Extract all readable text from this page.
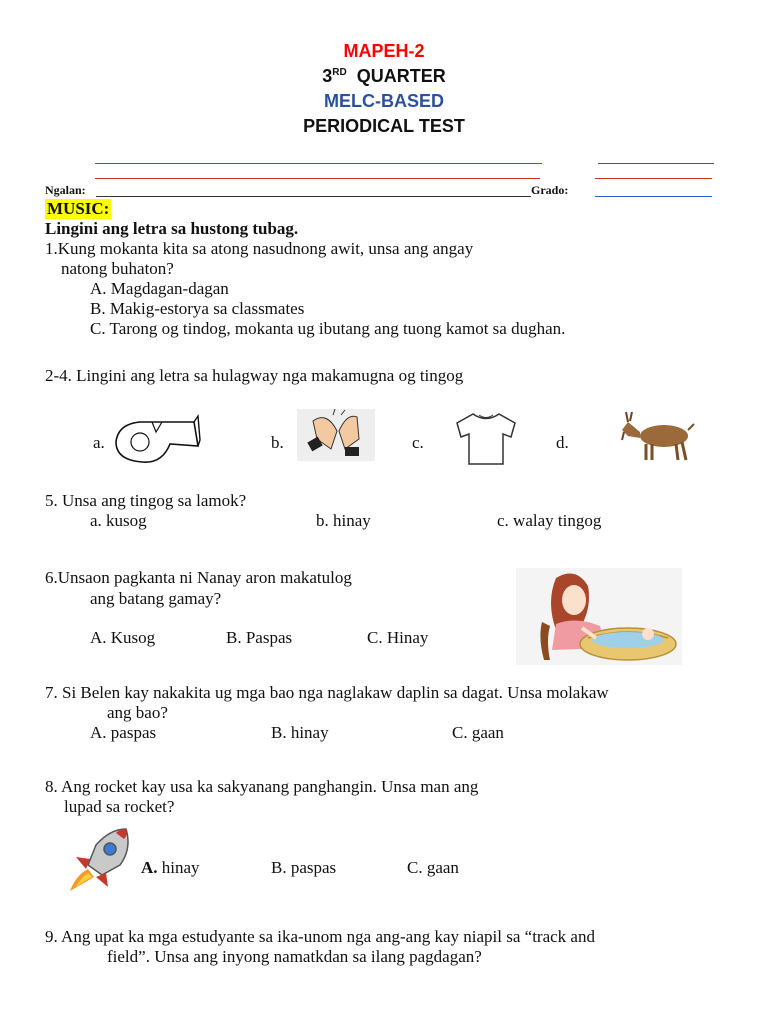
MAPEH-2
3RD QUARTER
MELC-BASED
PERIODICAL TEST
Ngalan:	Grado:
MUSIC:
Lingini ang letra sa hustong tubag.
1.Kung mokanta kita sa atong nasudnong awit, unsa ang angay
natong buhaton?
A. Magdagan-dagan
B. Makig-estorya sa classmates
C. Tarong og tindog, mokanta ug ibutang ang tuong kamot sa dughan.
2-4. Lingini ang letra sa hulagway nga makamugna og tingog
a.	b.	c.	d.
5. Unsa ang tingog sa lamok?
a. kusog	b. hinay	c. walay tingog
6.Unsaon pagkanta ni Nanay aron makatulog
ang batang gamay?
A. Kusog	B. Paspas	C. Hinay
7. Si Belen kay nakakita ug mga bao nga naglakaw daplin sa dagat. Unsa molakaw
ang bao?
A. paspas	B. hinay	C. gaan
8. Ang rocket kay usa ka sakyanang panghangin. Unsa man ang
lupad sa rocket?
A. hinay	B. paspas	C. gaan
9. Ang upat ka mga estudyante sa ika-unom nga ang-ang kay niapil sa “track and
field”. Unsa ang inyong namatkdan sa ilang pagdagan?
